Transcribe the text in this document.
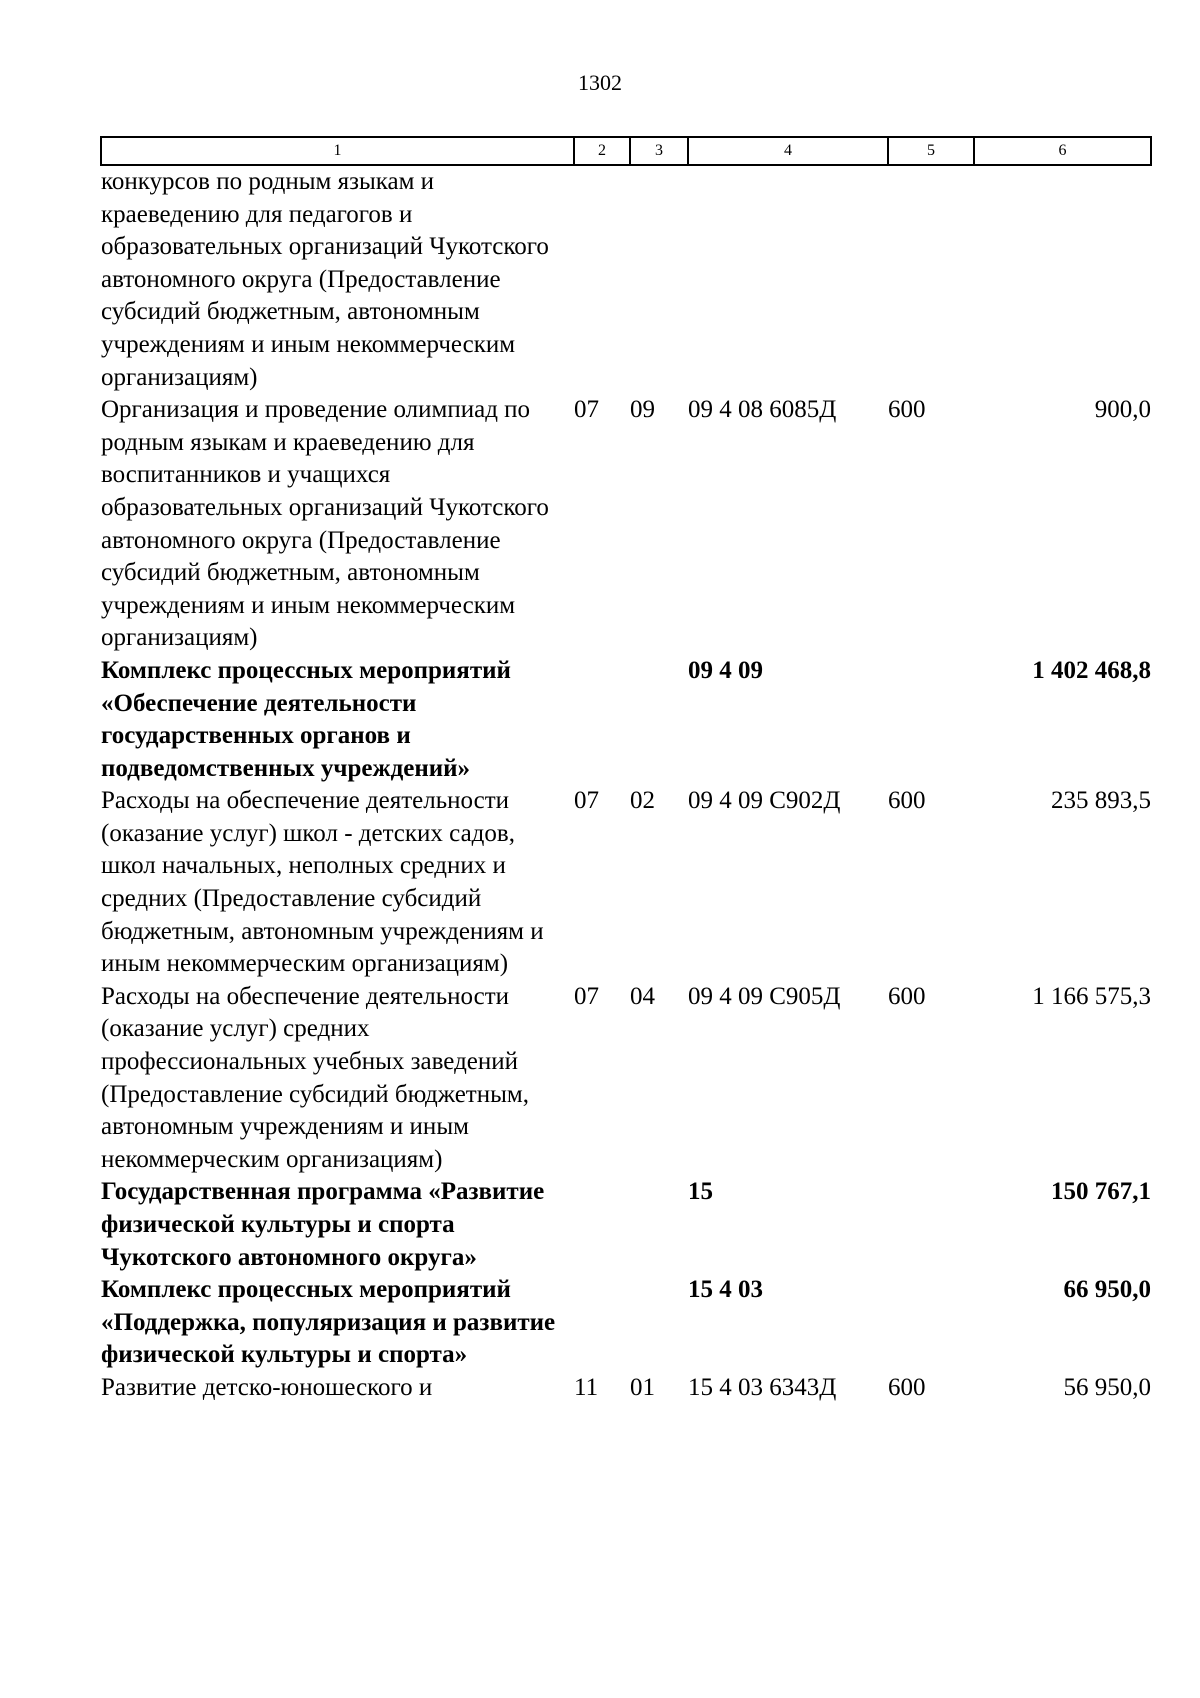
1302
1	2	3	4	5	6
конкурсов по родным языкам и краеведению для педагогов и образовательных организаций Чукотского автономного округа (Предоставление субсидий бюджетным, автономным учреждениям и иным некоммерческим организациям)					
Организация и проведение олимпиад по родным языкам и краеведению для воспитанников и учащихся образовательных организаций Чукотского автономного округа (Предоставление субсидий бюджетным, автономным учреждениям и иным некоммерческим организациям)	07	09	09 4 08 6085Д	600	900,0
Комплекс процессных мероприятий «Обеспечение деятельности государственных органов и подведомственных учреждений»			09 4 09		1 402 468,8
Расходы на обеспечение деятельности (оказание услуг) школ - детских садов, школ начальных, неполных средних и средних (Предоставление субсидий бюджетным, автономным учреждениям и иным некоммерческим организациям)	07	02	09 4 09 С902Д	600	235 893,5
Расходы на обеспечение деятельности (оказание услуг) средних профессиональных учебных заведений (Предоставление субсидий бюджетным, автономным учреждениям и иным некоммерческим организациям)	07	04	09 4 09 С905Д	600	1 166 575,3
Государственная программа «Развитие физической культуры и спорта Чукотского автономного округа»			15		150 767,1
Комплекс процессных мероприятий «Поддержка, популяризация и развитие физической культуры и спорта»			15 4 03		66 950,0
Развитие детско-юношеского и	11	01	15 4 03 6343Д	600	56 950,0
